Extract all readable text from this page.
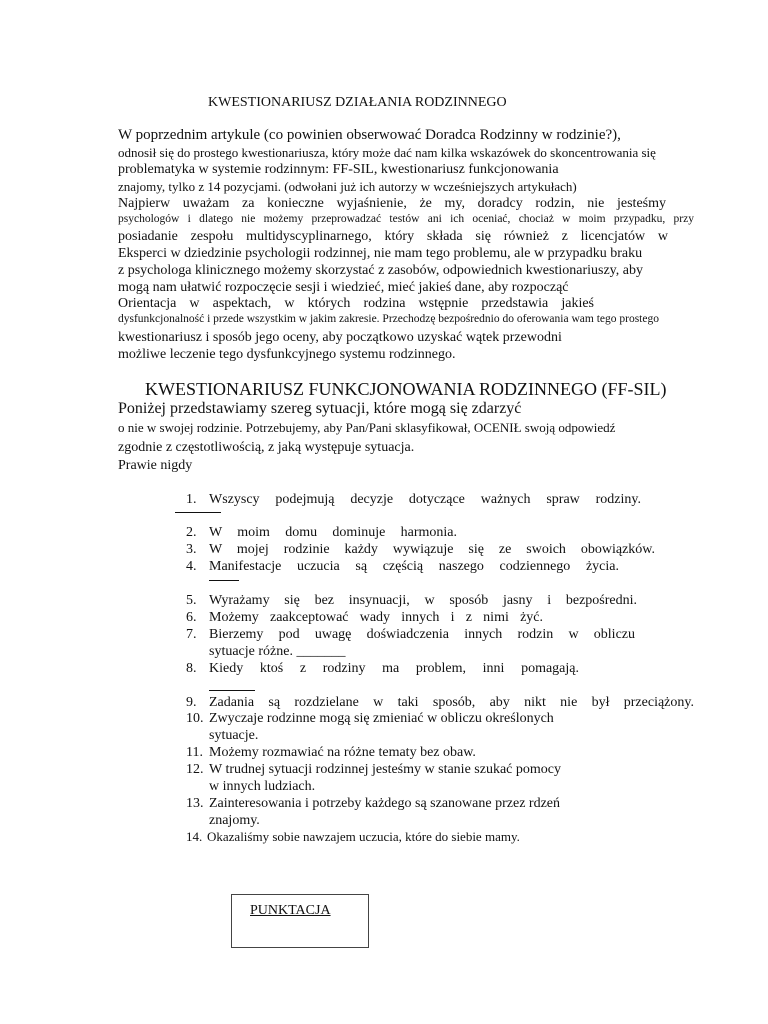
KWESTIONARIUSZ DZIAŁANIA RODZINNEGO
W poprzednim artykule (co powinien obserwować Doradca Rodzinny w rodzinie?),
odnosił się do prostego kwestionariusza, który może dać nam kilka wskazówek do skoncentrowania się
problematyka w systemie rodzinnym: FF-SIL, kwestionariusz funkcjonowania
znajomy, tylko z 14 pozycjami. (odwołani już ich autorzy w wcześniejszych artykułach)
Najpierw uważam za konieczne wyjaśnienie, że my, doradcy rodzin, nie jesteśmy
psychologów i dlatego nie możemy przeprowadzać testów ani ich oceniać, chociaż w moim przypadku, przy
posiadanie zespołu multidyscyplinarnego, który składa się również z licencjatów w
Eksperci w dziedzinie psychologii rodzinnej, nie mam tego problemu, ale w przypadku braku
z psychologa klinicznego możemy skorzystać z zasobów, odpowiednich kwestionariuszy, aby
mogą nam ułatwić rozpoczęcie sesji i wiedzieć, mieć jakieś dane, aby rozpocząć
Orientacja w aspektach, w których rodzina wstępnie przedstawia jakieś
dysfunkcjonalność i przede wszystkim w jakim zakresie. Przechodzę bezpośrednio do oferowania wam tego prostego
kwestionariusz i sposób jego oceny, aby początkowo uzyskać wątek przewodni
możliwe leczenie tego dysfunkcyjnego systemu rodzinnego.
KWESTIONARIUSZ FUNKCJONOWANIA RODZINNEGO (FF-SIL)
Poniżej przedstawiamy szereg sytuacji, które mogą się zdarzyć
o nie w swojej rodzinie. Potrzebujemy, aby Pan/Pani sklasyfikował, OCENIŁ swoją odpowiedź
zgodnie z częstotliwością, z jaką występuje sytuacja.
Prawie nigdy
1. Wszyscy podejmują decyzje dotyczące ważnych spraw rodziny.
2. W moim domu dominuje harmonia.
3. W mojej rodzinie każdy wywiązuje się ze swoich obowiązków.
4. Manifestacje uczucia są częścią naszego codziennego życia.
5. Wyrażamy się bez insynuacji, w sposób jasny i bezpośredni.
6. Możemy zaakceptować wady innych i z nimi żyć.
7. Bierzemy pod uwagę doświadczenia innych rodzin w obliczu
sytuacje różne. _______
8. Kiedy ktoś z rodziny ma problem, inni pomagają.
9. Zadania są rozdzielane w taki sposób, aby nikt nie był przeciążony.
10. Zwyczaje rodzinne mogą się zmieniać w obliczu określonych
sytuacje.
11. Możemy rozmawiać na różne tematy bez obaw.
12. W trudnej sytuacji rodzinnej jesteśmy w stanie szukać pomocy
w innych ludziach.
13. Zainteresowania i potrzeby każdego są szanowane przez rdzeń
znajomy.
14. Okazaliśmy sobie nawzajem uczucia, które do siebie mamy.
PUNKTACJA
